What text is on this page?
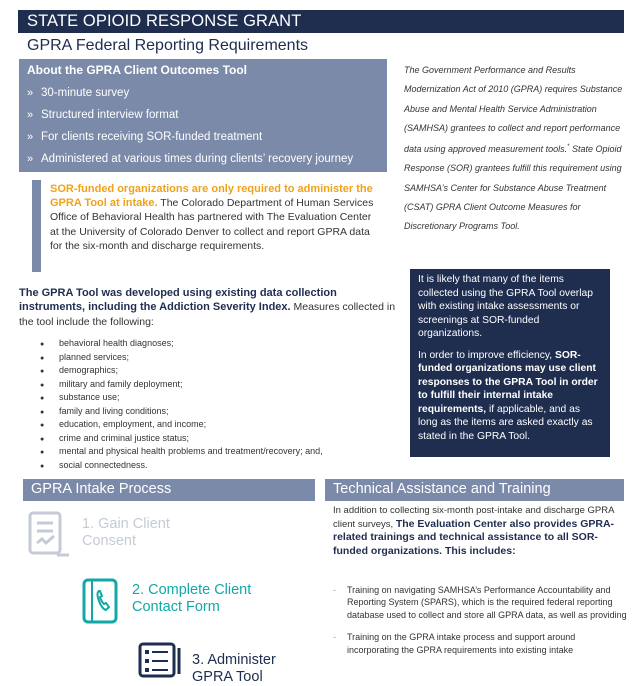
STATE OPIOID RESPONSE GRANT
GPRA Federal Reporting Requirements
About the GPRA Client Outcomes Tool
» 30-minute survey
» Structured interview format
» For clients receiving SOR-funded treatment
» Administered at various times during clients’ recovery journey
The Government Performance and Results Modernization Act of 2010 (GPRA) requires Substance Abuse and Mental Health Service Administration (SAMHSA) grantees to collect and report performance data using approved measurement tools.* State Opioid Response (SOR) grantees fulfill this requirement using SAMHSA’s Center for Substance Abuse Treatment (CSAT) GPRA Client Outcome Measures for Discretionary Programs Tool.
SOR-funded organizations are only required to administer the GPRA Tool at intake. The Colorado Department of Human Services Office of Behavioral Health has partnered with The Evaluation Center at the University of Colorado Denver to collect and report GPRA data for the six-month and discharge requirements.
The GPRA Tool was developed using existing data collection instruments, including the Addiction Severity Index. Measures collected in the tool include the following:
● behavioral health diagnoses;
● planned services;
● demographics;
● military and family deployment;
● substance use;
● family and living conditions;
● education, employment, and income;
● crime and criminal justice status;
● mental and physical health problems and treatment/recovery; and,
● social connectedness.

It is likely that many of the items collected using the GPRA Tool overlap with existing intake assessments or screenings at SOR-funded organizations.

In order to improve efficiency, SOR-funded organizations may use client responses to the GPRA Tool in order to fulfill their internal intake requirements, if applicable, and as long as the items are asked exactly as stated in the GPRA Tool.

GPRA Intake Process	Technical Assistance and Training
1. Gain Client
Consent
2. Complete Client
Contact Form
3. Administer
GPRA Tool
In addition to collecting six-month post-intake and discharge GPRA client surveys, The Evaluation Center also provides GPRA-related trainings and technical assistance to all SOR-funded organizations. This includes:
- Training on navigating SAMHSA’s Performance Accountability and Reporting System (SPARS), which is the required federal reporting database used to collect and store all GPRA data, as well as providing
- Training on the GPRA intake process and support around incorporating the GPRA requirements into existing intake
